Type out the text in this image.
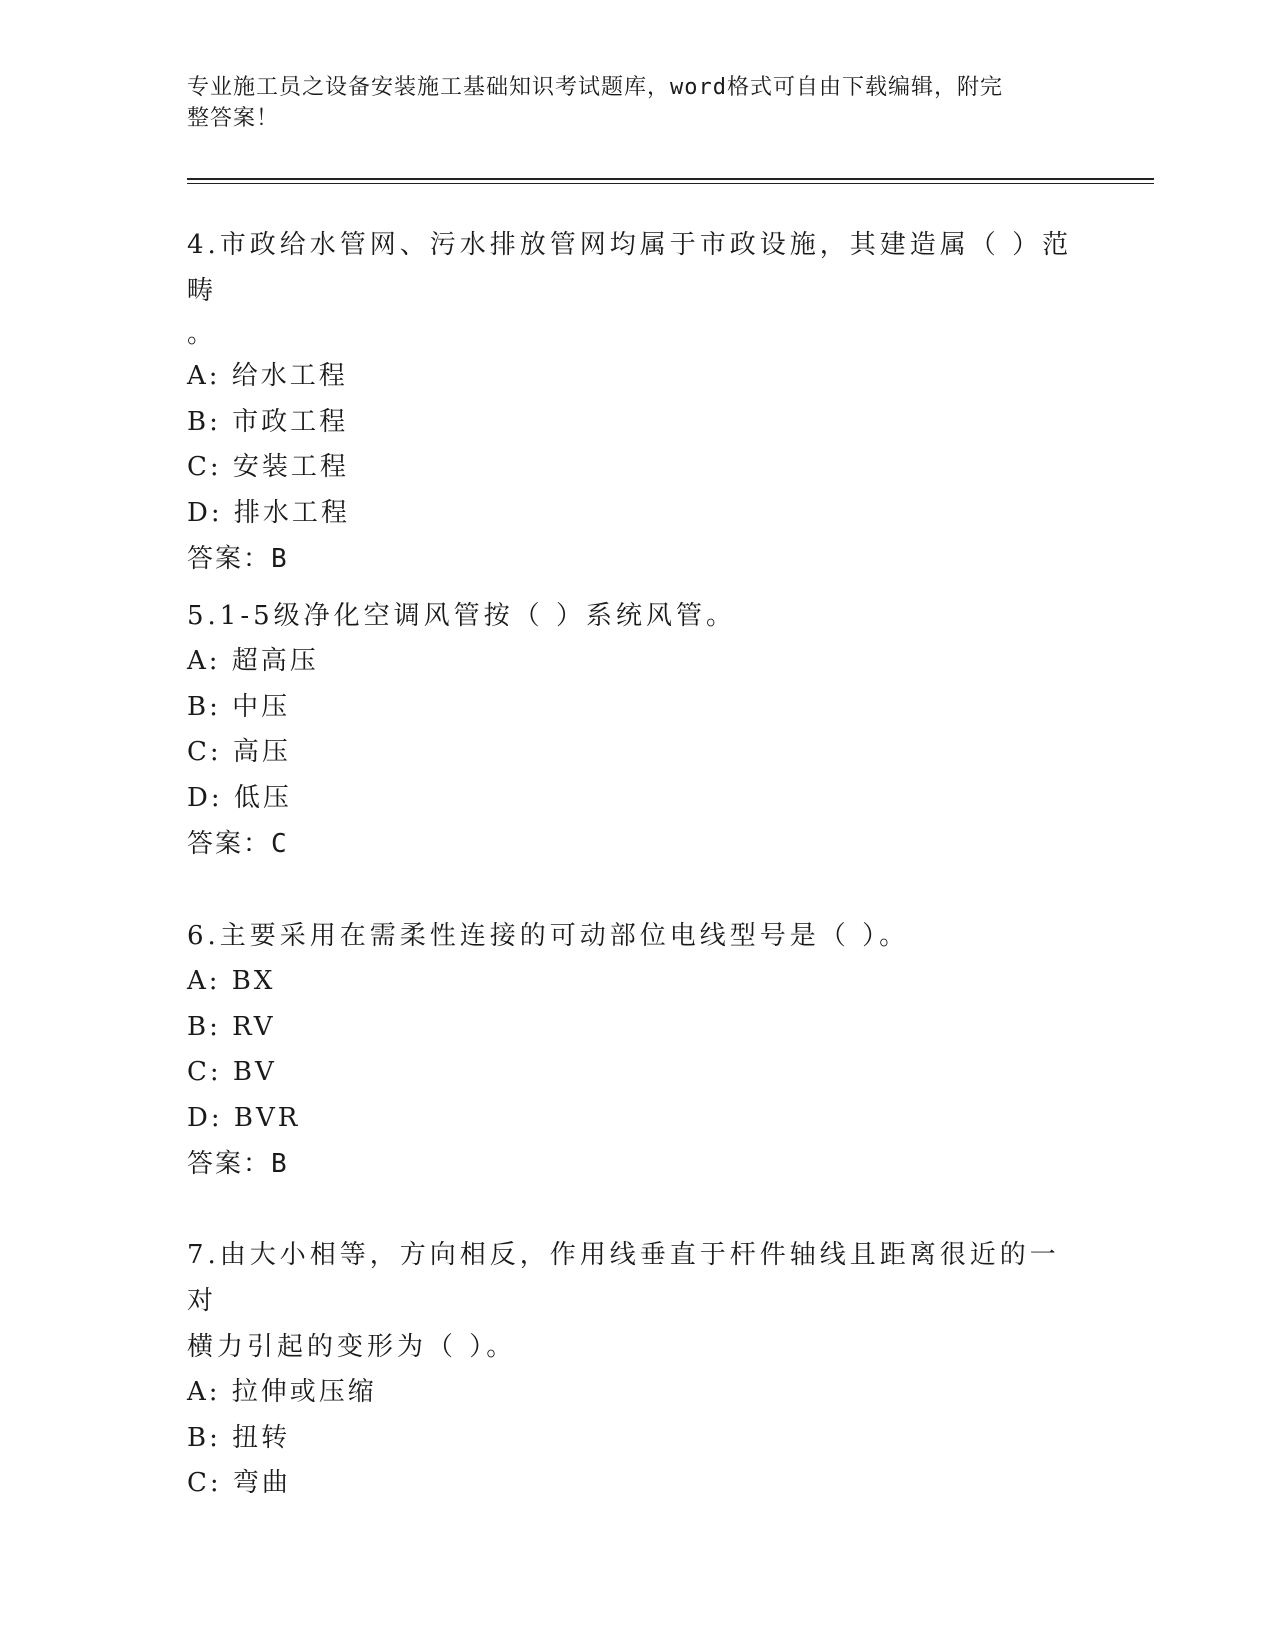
专业施工员之设备安装施工基础知识考试题库，word格式可自由下载编辑，附完
整答案！
4.市政给水管网、污水排放管网均属于市政设施，其建造属（ ）范畴
。
A: 给水工程
B: 市政工程
C: 安装工程
D: 排水工程
答案：B
5.1-5级净化空调风管按（ ）系统风管。
A: 超高压
B: 中压
C: 高压
D: 低压
答案：C
6.主要采用在需柔性连接的可动部位电线型号是（ ）。
A: BX
B: RV
C: BV
D: BVR
答案：B
7.由大小相等，方向相反，作用线垂直于杆件轴线且距离很近的一对
横力引起的变形为（ ）。
A: 拉伸或压缩
B: 扭转
C: 弯曲
